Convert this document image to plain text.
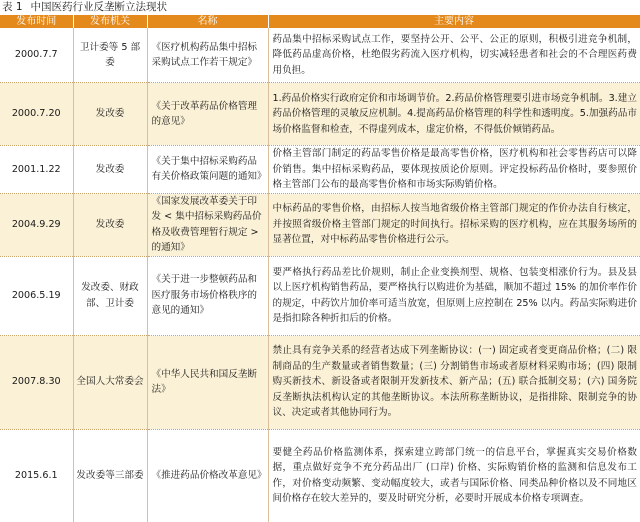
表 1 中国医药行业反垄断立法现状
发布时间	发布机关	名称	主要内容
2000.7.7	卫计委等 5 部委	《医疗机构药品集中招标采购试点工作若干规定》	药品集中招标采购试点工作，要坚持公开、公平、公正的原则，积极引进竞争机制，降低药品虚高价格，杜绝假劣药流入医疗机构，切实减轻患者和社会的不合理医药费用负担。
2000.7.20	发改委	《关于改革药品价格管理的意见》	1.药品价格实行政府定价和市场调节价。2.药品价格管理要引进市场竞争机制。3.建立药品价格管理的灵敏反应机制。4.提高药品价格管理的科学性和透明度。5.加强药品市场价格监督和检查，不得虚列成本，虚定价格，不得低价倾销药品。
2001.1.22	发改委	《关于集中招标采购药品有关价格政策问题的通知》	价格主管部门制定的药品零售价格是最高零售价格，医疗机构和社会零售药店可以降价销售。集中招标采购药品，要体现按质论价原则。评定投标药品价格时，要参照价格主管部门公布的最高零售价格和市场实际购销价格。
2004.9.29	发改委	《国家发展改革委关于印发 < 集中招标采购药品价格及收费管理暂行规定 > 的通知》	中标药品的零售价格，由招标人按当地省级价格主管部门规定的作价办法自行核定，并按照省级价格主管部门规定的时间执行。招标采购的医疗机构，应在其服务场所的显著位置，对中标药品零售价格进行公示。
2006.5.19	发改委、财政部、卫计委	《关于进一步整顿药品和医疗服务市场价格秩序的意见的通知》	要严格执行药品差比价规则，制止企业变换剂型、规格、包装变相涨价行为。县及县以上医疗机构销售药品，要严格执行以购进价为基础，顺加不超过 15% 的加价率作价的规定，中药饮片加价率可适当放宽，但原则上应控制在 25% 以内。药品实际购进价是指扣除各种折扣后的价格。
2007.8.30	全国人大常委会	《中华人民共和国反垄断法》	禁止具有竞争关系的经营者达成下列垄断协议：(一) 固定或者变更商品价格；(二) 限制商品的生产数量或者销售数量；(三) 分割销售市场或者原材料采购市场；(四) 限制购买新技术、新设备或者限制开发新技术、新产品；(五) 联合抵制交易；(六) 国务院反垄断执法机构认定的其他垄断协议。本法所称垄断协议，是指排除、限制竞争的协议、决定或者其他协同行为。
2015.6.1	发改委等三部委	《推进药品价格改革意见》	要健全药品价格监测体系，探索建立跨部门统一的信息平台，掌握真实交易价格数据，重点做好竞争不充分药品出厂 (口岸) 价格、实际购销价格的监测和信息发布工作，对价格变动频繁、变动幅度较大，或者与国际价格、同类品种价格以及不同地区间价格存在较大差异的，要及时研究分析，必要时开展成本价格专项调查。
